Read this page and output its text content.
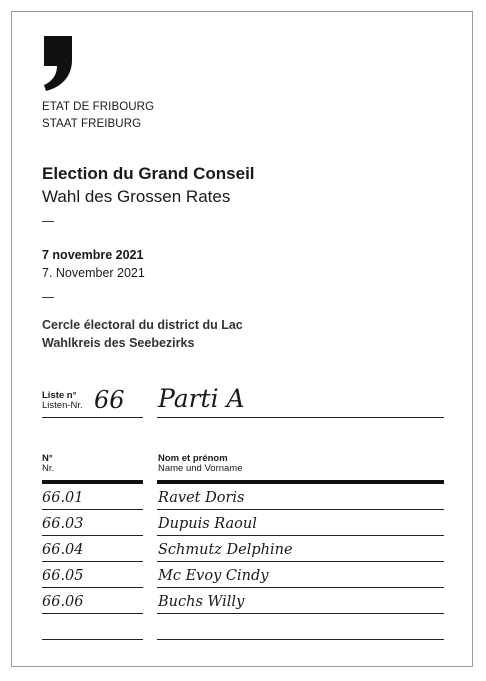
ETAT DE FRIBOURG
STAAT FREIBURG
Election du Grand Conseil
Wahl des Grossen Rates
7 novembre 2021
7. November 2021
Cercle électoral du district du Lac
Wahlkreis des Seebezirks
Liste n°
Listen-Nr. 66 Parti A
N°
Nr.
Nom et prénom
Name und Vorname
66.01	Ravet Doris
66.03	Dupuis Raoul
66.04	Schmutz Delphine
66.05	Mc Evoy Cindy
66.06	Buchs Willy
